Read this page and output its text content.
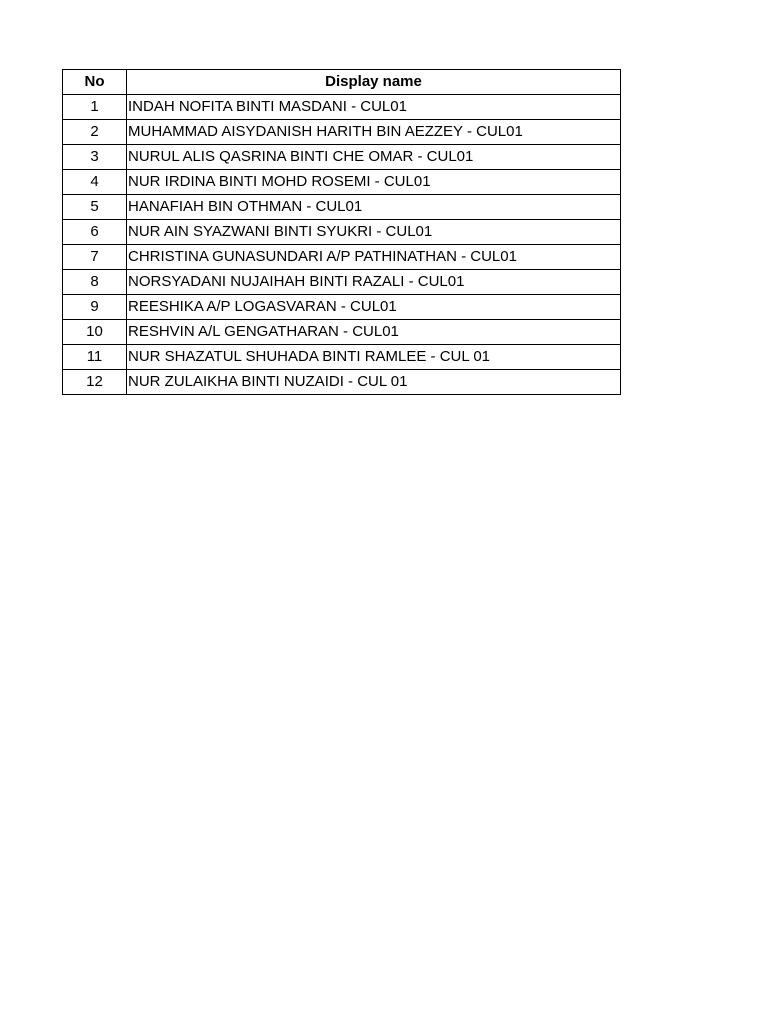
No	Display name
1	INDAH NOFITA BINTI MASDANI - CUL01
2	MUHAMMAD AISYDANISH HARITH BIN AEZZEY - CUL01
3	NURUL ALIS QASRINA BINTI CHE OMAR - CUL01
4	NUR IRDINA BINTI MOHD ROSEMI - CUL01
5	HANAFIAH BIN OTHMAN - CUL01
6	NUR AIN SYAZWANI BINTI SYUKRI - CUL01
7	CHRISTINA GUNASUNDARI A/P PATHINATHAN - CUL01
8	NORSYADANI NUJAIHAH BINTI RAZALI - CUL01
9	REESHIKA A/P LOGASVARAN - CUL01
10	RESHVIN A/L GENGATHARAN - CUL01
11	NUR SHAZATUL SHUHADA BINTI RAMLEE - CUL 01
12	NUR ZULAIKHA BINTI NUZAIDI - CUL 01
